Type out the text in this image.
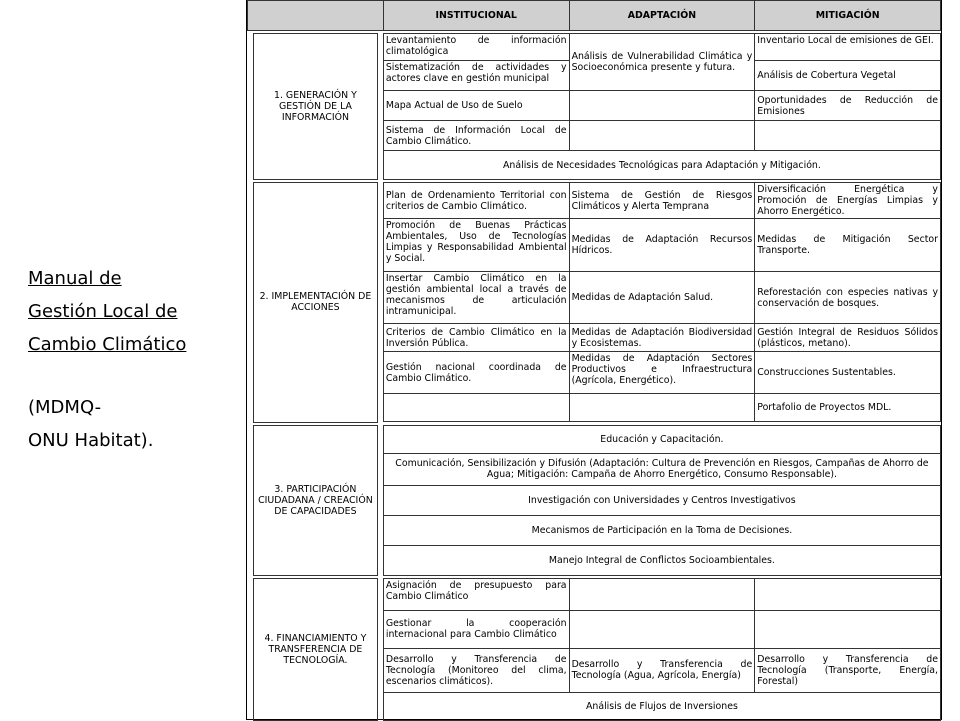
Manual de
Gestión Local de
Cambio Climático
(MDMQ-
ONU Habitat).
			INSTITUCIONAL	ADAPTACIÓN	MITIGACIÓN

	1. GENERACIÓN Y GESTIÓN DE LA INFORMACIÓN		Levantamiento de información climatológica	Análisis de Vulnerabilidad Climática y Socioeconómica presente y futura.	Inventario Local de emisiones de GEI.
			Sistematización de actividades y actores clave en gestión municipal		Análisis de Cobertura Vegetal
			Mapa Actual de Uso de Suelo		Oportunidades de Reducción de Emisiones
			Sistema de Información Local de Cambio Climático.		
			Análisis de Necesidades Tecnológicas para Adaptación y Mitigación.		

	2. IMPLEMENTACIÓN DE ACCIONES		Plan de Ordenamiento Territorial con criterios de Cambio Climático.	Sistema de Gestión de Riesgos Climáticos y Alerta Temprana	Diversificación Energética y Promoción de Energías Limpias y Ahorro Energético.
			Promoción de Buenas Prácticas Ambientales, Uso de Tecnologías Limpias y Responsabilidad Ambiental y Social.	Medidas de Adaptación Recursos Hídricos.	Medidas de Mitigación Sector Transporte.
			Insertar Cambio Climático en la gestión ambiental local a través de mecanismos de articulación intramunicipal.	Medidas de Adaptación Salud.	Reforestación con especies nativas y conservación de bosques.
			Criterios de Cambio Climático en la Inversión Pública.	Medidas de Adaptación Biodiversidad y Ecosistemas.	Gestión Integral de Residuos Sólidos (plásticos, metano).
			Gestión nacional coordinada de Cambio Climático.	Medidas de Adaptación Sectores Productivos e Infraestructura (Agrícola, Energético).	Construcciones Sustentables.
					Portafolio de Proyectos MDL.

	3. PARTICIPACIÓN CIUDADANA / CREACIÓN DE CAPACIDADES		Educación y Capacitación.		
			Comunicación, Sensibilización y Difusión (Adaptación: Cultura de Prevención en Riesgos, Campañas de Ahorro de Agua; Mitigación: Campaña de Ahorro Energético, Consumo Responsable).		
			Investigación con Universidades y Centros Investigativos		
			Mecanismos de Participación en la Toma de Decisiones.		
			Manejo Integral de Conflictos Socioambientales.		

	4. FINANCIAMIENTO Y TRANSFERENCIA DE TECNOLOGÍA.		Asignación de presupuesto para Cambio Climático		
			Gestionar la cooperación internacional para Cambio Climático		
			Desarrollo y Transferencia de Tecnología (Monitoreo del clima, escenarios climáticos).	Desarrollo y Transferencia de Tecnología (Agua, Agrícola, Energía)	Desarrollo y Transferencia de Tecnología (Transporte, Energía, Forestal)
			Análisis de Flujos de Inversiones		
